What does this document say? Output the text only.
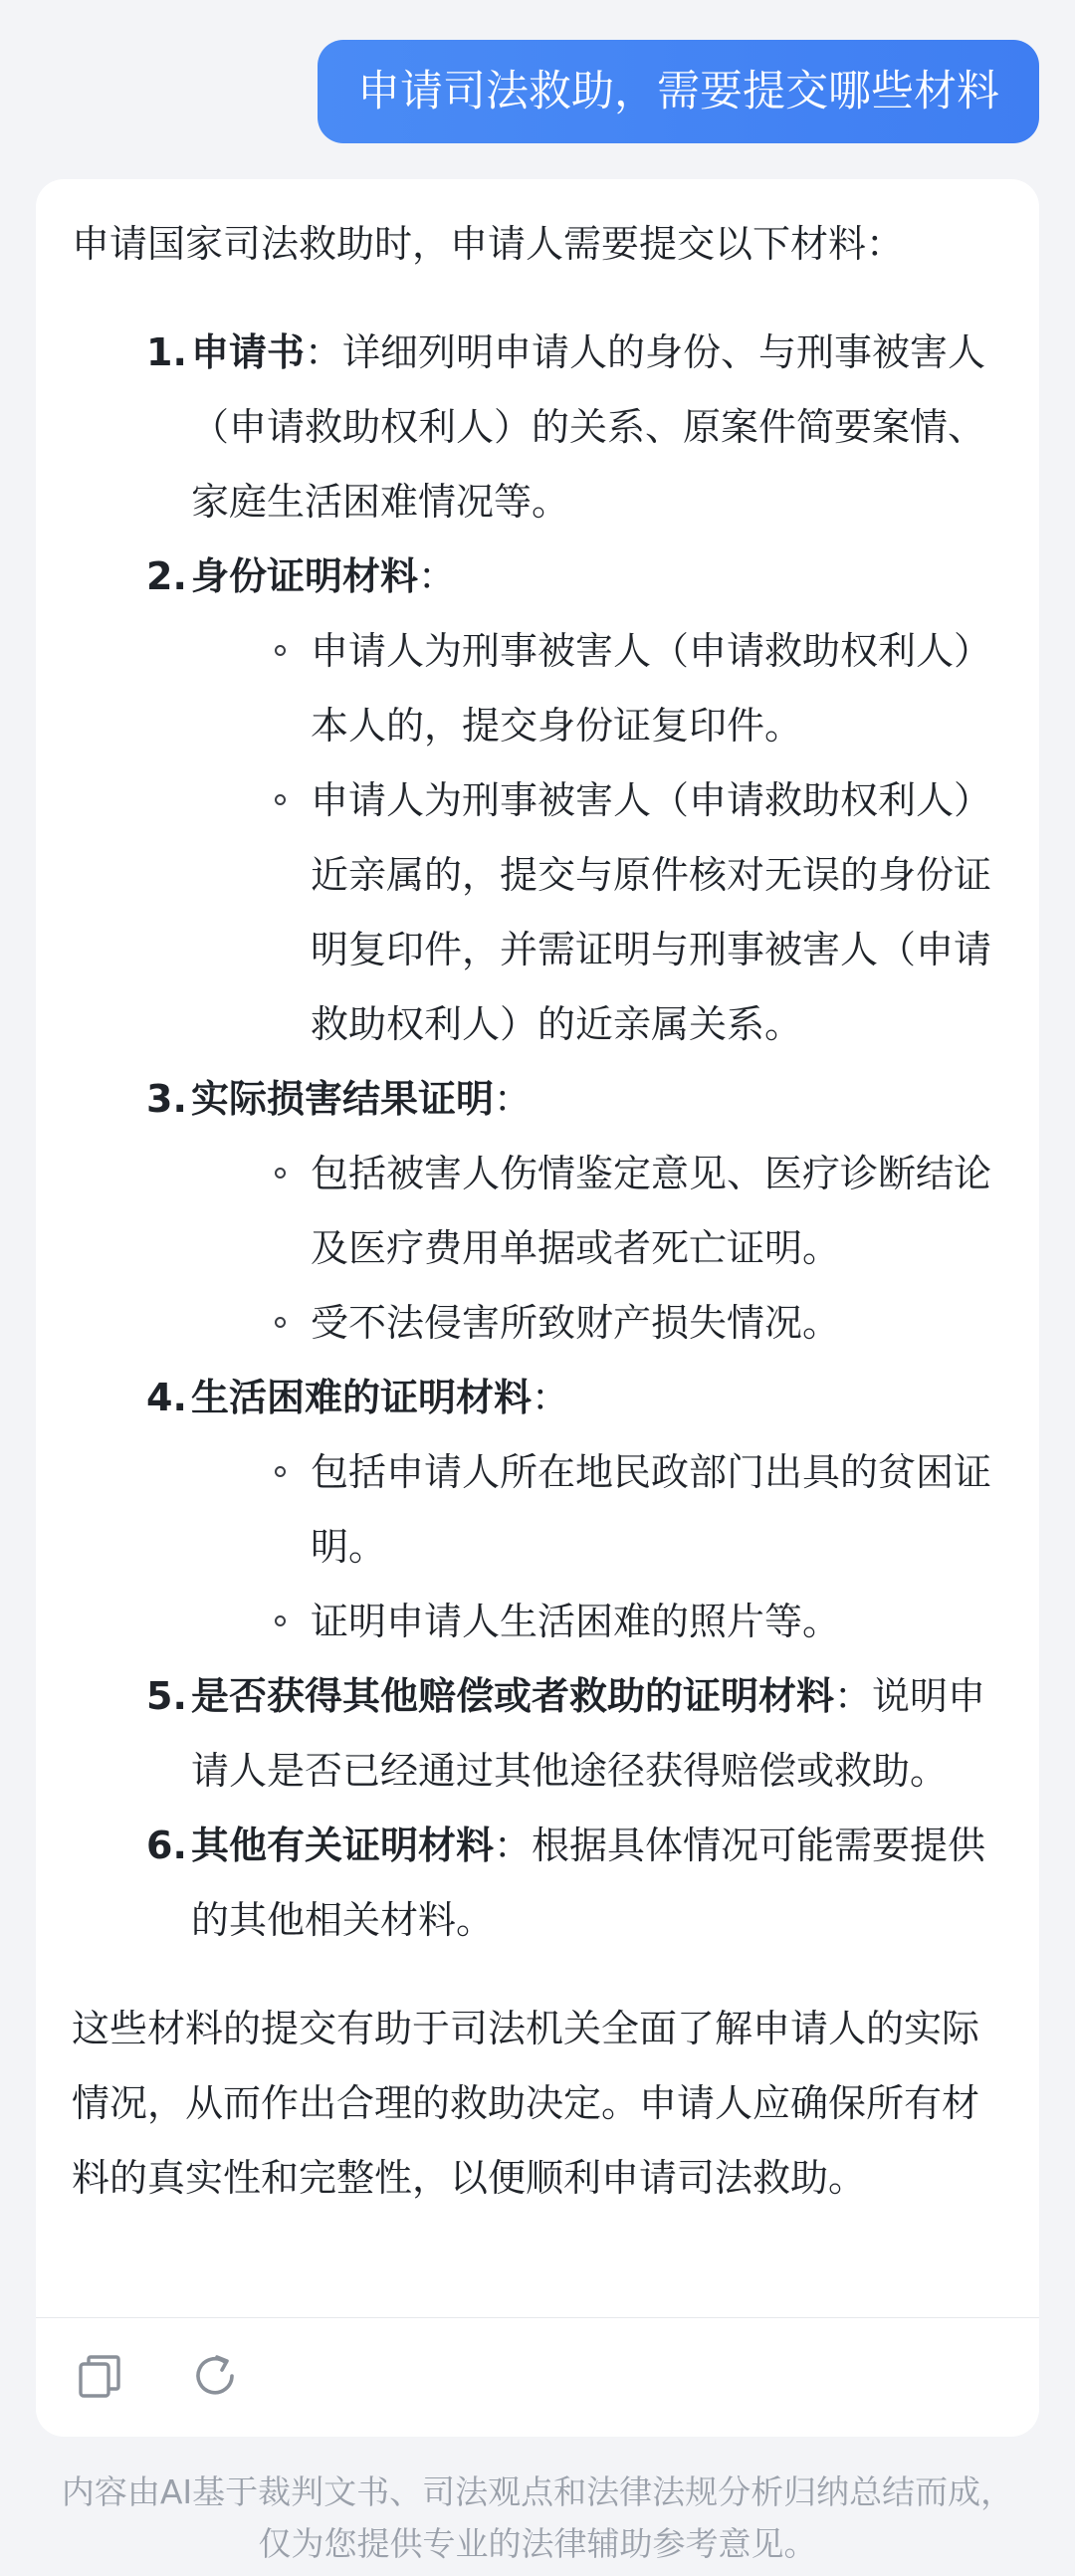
申请司法救助，需要提交哪些材料

申请国家司法救助时，申请人需要提交以下材料：

1. 申请书：详细列明申请人的身份、与刑事被害人（申请救助权利人）的关系、原案件简要案情、家庭生活困难情况等。
2. 身份证明材料：
申请人为刑事被害人（申请救助权利人）本人的，提交身份证复印件。
申请人为刑事被害人（申请救助权利人）近亲属的，提交与原件核对无误的身份证明复印件，并需证明与刑事被害人（申请救助权利人）的近亲属关系。
3. 实际损害结果证明：
包括被害人伤情鉴定意见、医疗诊断结论及医疗费用单据或者死亡证明。
受不法侵害所致财产损失情况。
4. 生活困难的证明材料：
包括申请人所在地民政部门出具的贫困证明。
证明申请人生活困难的照片等。
5. 是否获得其他赔偿或者救助的证明材料：说明申请人是否已经通过其他途径获得赔偿或救助。
6. 其他有关证明材料：根据具体情况可能需要提供的其他相关材料。

这些材料的提交有助于司法机关全面了解申请人的实际情况，从而作出合理的救助决定。申请人应确保所有材料的真实性和完整性，以便顺利申请司法救助。

内容由AI基于裁判文书、司法观点和法律法规分析归纳总结而成，
仅为您提供专业的法律辅助参考意见。
